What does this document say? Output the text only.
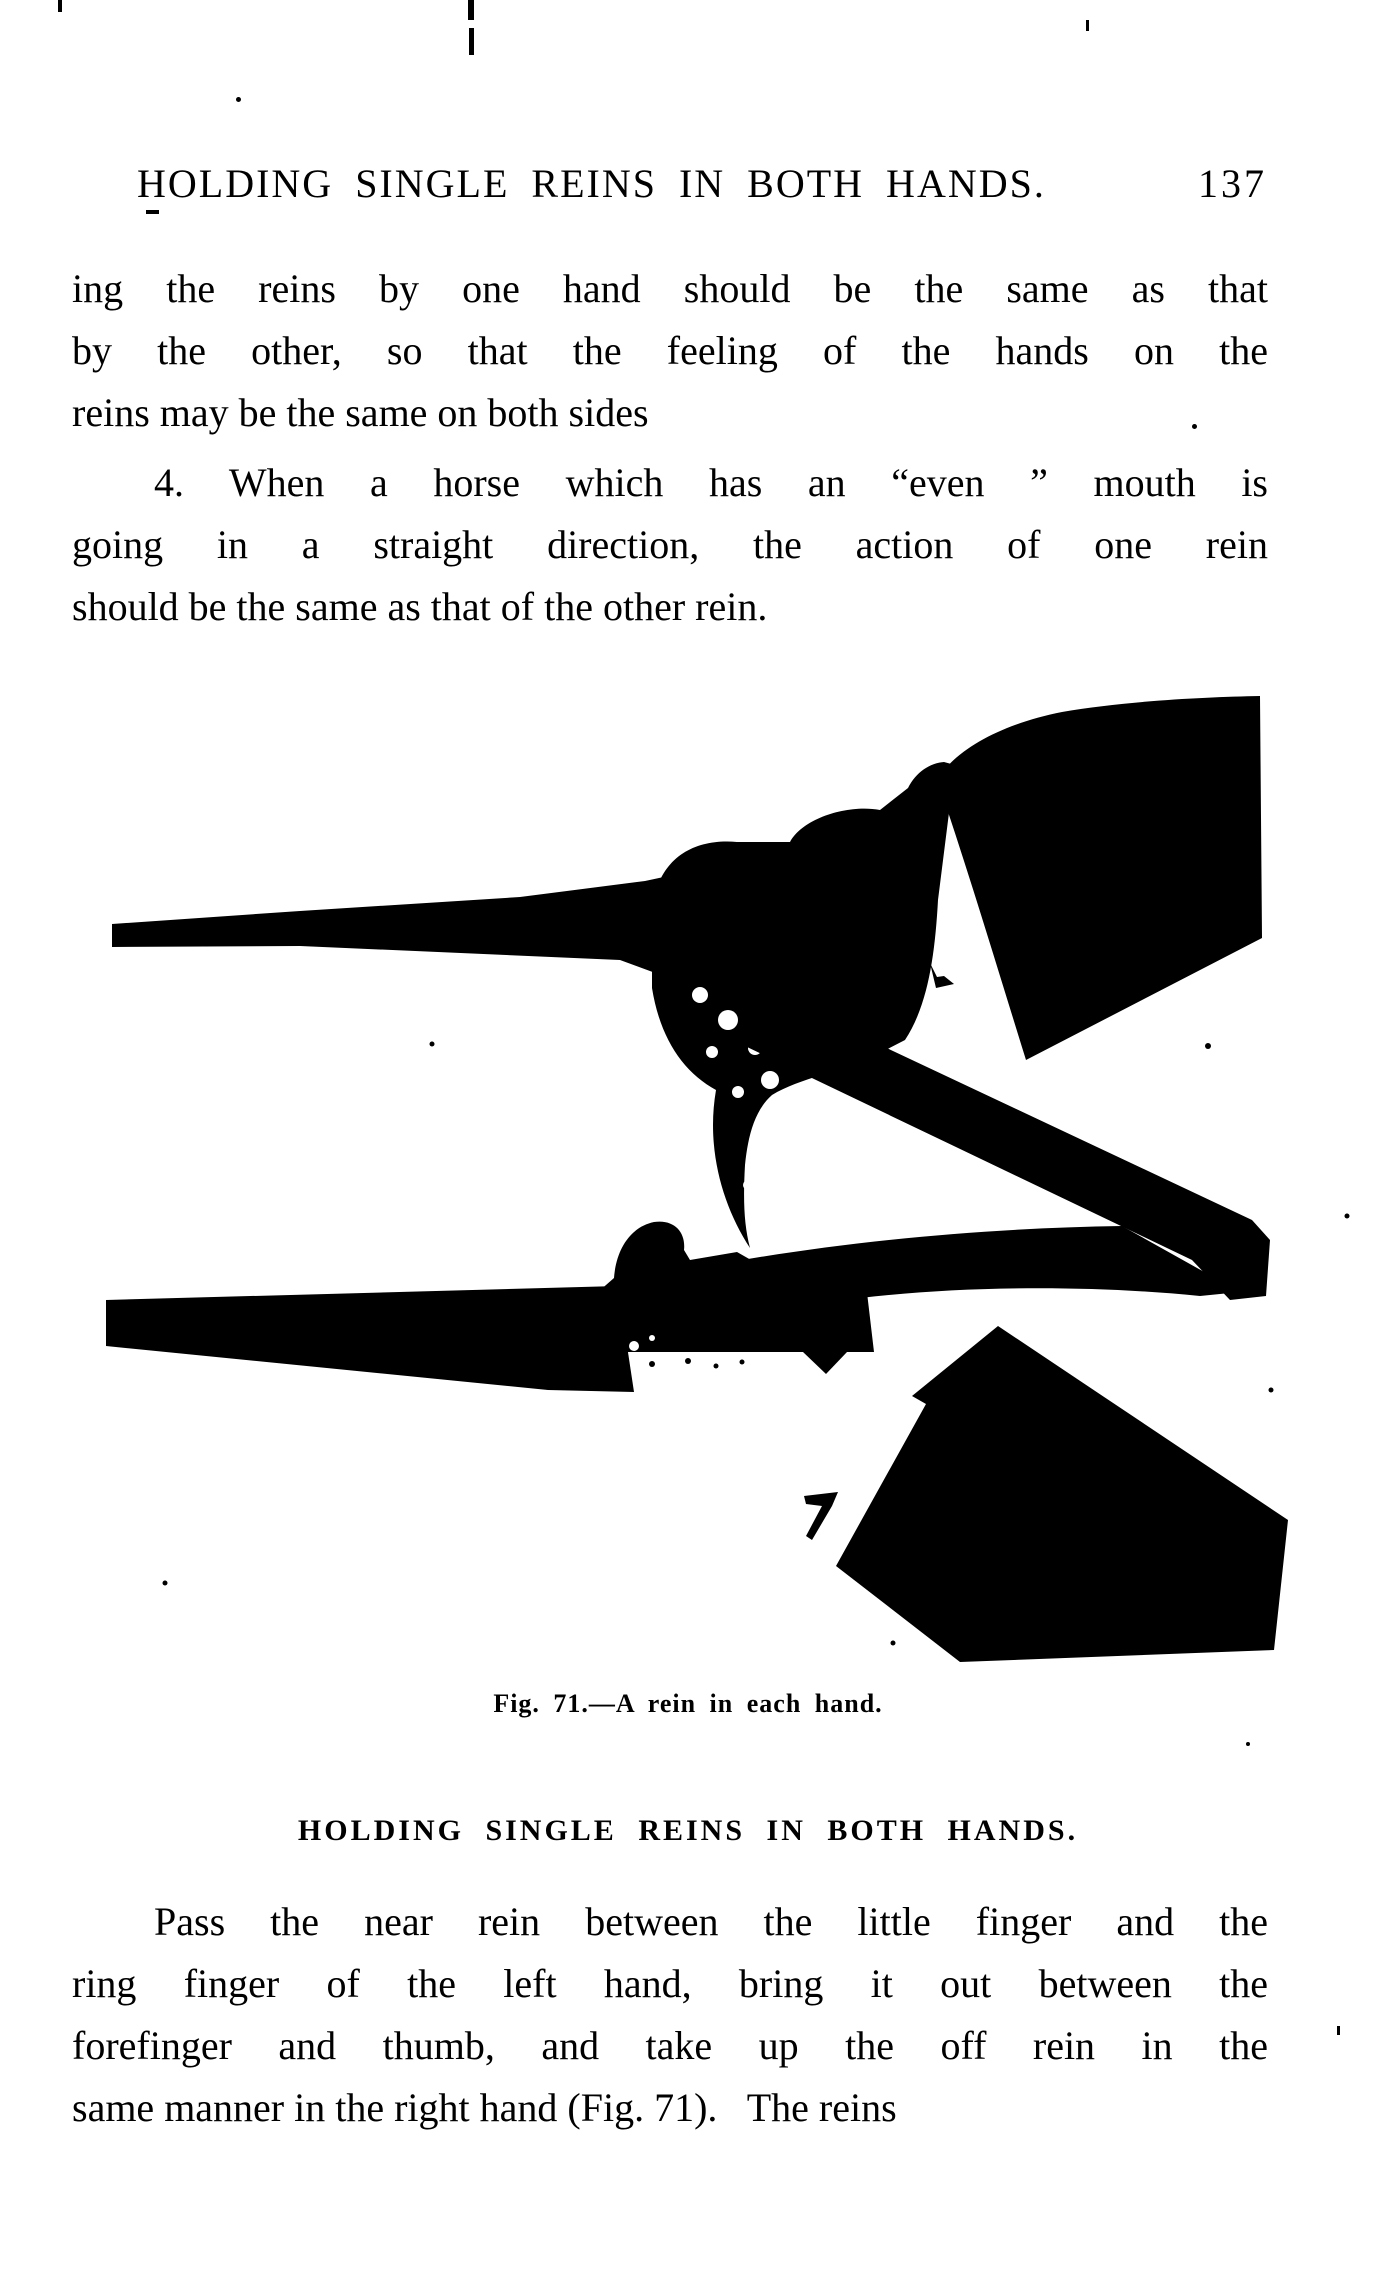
HOLDING SINGLE REINS IN BOTH HANDS.	137
ing the reins by one hand should be the same as that
by the other, so that the feeling of the hands on the
reins may be the same on both sides
4. When a horse which has an “even ” mouth is
going in a straight direction, the action of one rein
should be the same as that of the other rein.
Fig. 71.—A rein in each hand.
HOLDING SINGLE REINS IN BOTH HANDS.
Pass the near rein between the little finger and the
ring finger of the left hand, bring it out between the
forefinger and thumb, and take up the off rein in the
same manner in the right hand (Fig. 71).  The reins
